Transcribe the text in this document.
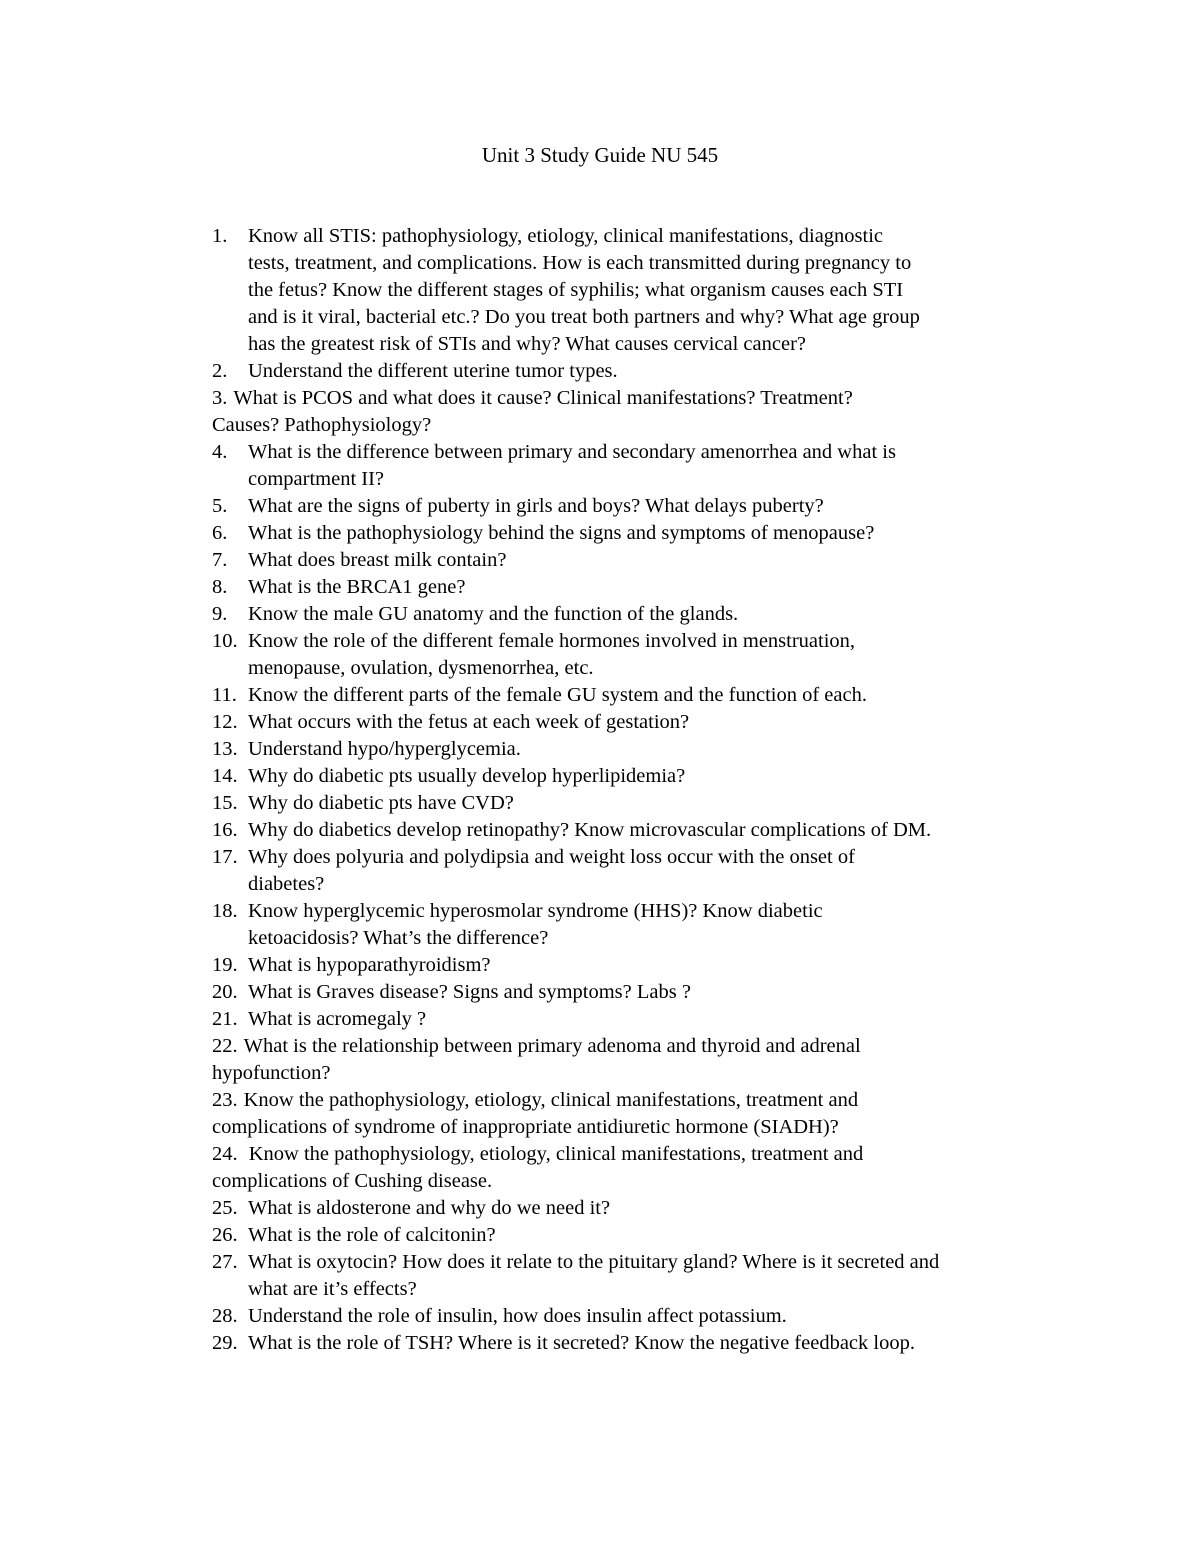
Unit 3 Study Guide NU 545
1. Know all STIS: pathophysiology, etiology, clinical manifestations, diagnostic
tests, treatment, and complications. How is each transmitted during pregnancy to
the fetus? Know the different stages of syphilis; what organism causes each STI
and is it viral, bacterial etc.? Do you treat both partners and why? What age group
has the greatest risk of STIs and why? What causes cervical cancer?
2. Understand the different uterine tumor types.
3. What is PCOS and what does it cause? Clinical manifestations? Treatment?
Causes? Pathophysiology?
4. What is the difference between primary and secondary amenorrhea and what is
compartment II?
5. What are the signs of puberty in girls and boys? What delays puberty?
6. What is the pathophysiology behind the signs and symptoms of menopause?
7. What does breast milk contain?
8. What is the BRCA1 gene?
9. Know the male GU anatomy and the function of the glands.
10. Know the role of the different female hormones involved in menstruation,
menopause, ovulation, dysmenorrhea, etc.
11. Know the different parts of the female GU system and the function of each.
12. What occurs with the fetus at each week of gestation?
13. Understand hypo/hyperglycemia.
14. Why do diabetic pts usually develop hyperlipidemia?
15. Why do diabetic pts have CVD?
16. Why do diabetics develop retinopathy? Know microvascular complications of DM.
17. Why does polyuria and polydipsia and weight loss occur with the onset of
diabetes?
18. Know hyperglycemic hyperosmolar syndrome (HHS)? Know diabetic
ketoacidosis? What’s the difference?
19. What is hypoparathyroidism?
20. What is Graves disease? Signs and symptoms? Labs ?
21. What is acromegaly ?
22. What is the relationship between primary adenoma and thyroid and adrenal
hypofunction?
23. Know the pathophysiology, etiology, clinical manifestations, treatment and
complications of syndrome of inappropriate antidiuretic hormone (SIADH)?
24. Know the pathophysiology, etiology, clinical manifestations, treatment and
complications of Cushing disease.
25. What is aldosterone and why do we need it?
26. What is the role of calcitonin?
27. What is oxytocin? How does it relate to the pituitary gland? Where is it secreted and
what are it’s effects?
28. Understand the role of insulin, how does insulin affect potassium.
29. What is the role of TSH? Where is it secreted? Know the negative feedback loop.
